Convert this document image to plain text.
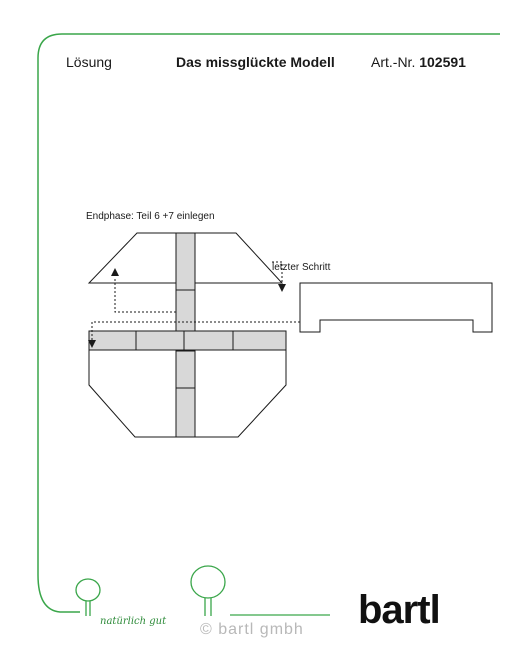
Lösung	Das missglückte Modell	Art.-Nr. 102591
Endphase: Teil 6 +7 einlegen
letzter Schritt
natürlich gut © bartl gmbh bartl
